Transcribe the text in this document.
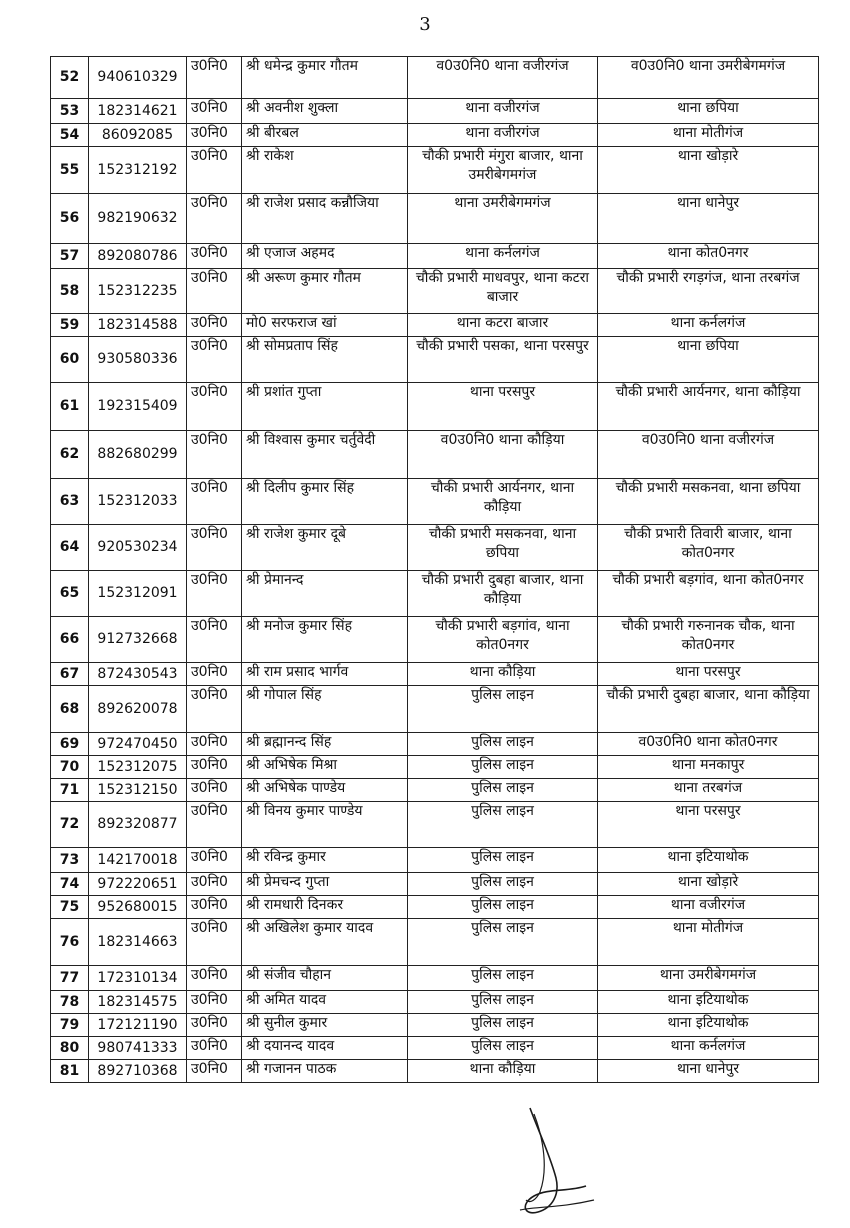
3
52	940610329	उ0नि0	श्री धमेन्द्र कुमार गौतम	व0उ0नि0 थाना वजीरगंज	व0उ0नि0 थाना उमरीबेगमगंज
53	182314621	उ0नि0	श्री अवनीश शुक्ला	थाना वजीरगंज	थाना छपिया
54	86092085	उ0नि0	श्री बीरबल	थाना वजीरगंज	थाना मोतीगंज
55	152312192	उ0नि0	श्री राकेश	चौकी प्रभारी मंगुरा बाजार, थाना उमरीबेगमगंज	थाना खोड़ारे
56	982190632	उ0नि0	श्री राजेश प्रसाद कन्नौजिया	थाना उमरीबेगमगंज	थाना धानेपुर
57	892080786	उ0नि0	श्री एजाज अहमद	थाना कर्नलगंज	थाना कोत0नगर
58	152312235	उ0नि0	श्री अरूण कुमार गौतम	चौकी प्रभारी माधवपुर, थाना कटरा बाजार	चौकी प्रभारी रगड़गंज, थाना तरबगंज
59	182314588	उ0नि0	मो0 सरफराज खां	थाना कटरा बाजार	थाना कर्नलगंज
60	930580336	उ0नि0	श्री सोमप्रताप सिंह	चौकी प्रभारी पसका, थाना परसपुर	थाना छपिया
61	192315409	उ0नि0	श्री प्रशांत गुप्ता	थाना परसपुर	चौकी प्रभारी आर्यनगर, थाना कौड़िया
62	882680299	उ0नि0	श्री विश्वास कुमार चर्तुवेदी	व0उ0नि0 थाना कौड़िया	व0उ0नि0 थाना वजीरगंज
63	152312033	उ0नि0	श्री दिलीप कुमार सिंह	चौकी प्रभारी आर्यनगर, थाना कौड़िया	चौकी प्रभारी मसकनवा, थाना छपिया
64	920530234	उ0नि0	श्री राजेश कुमार दूबे	चौकी प्रभारी मसकनवा, थाना छपिया	चौकी प्रभारी तिवारी बाजार, थाना कोत0नगर
65	152312091	उ0नि0	श्री प्रेमानन्द	चौकी प्रभारी दुबहा बाजार, थाना कौड़िया	चौकी प्रभारी बड़गांव, थाना कोत0नगर
66	912732668	उ0नि0	श्री मनोज कुमार सिंह	चौकी प्रभारी बड़गांव, थाना कोत0नगर	चौकी प्रभारी गरुनानक चौक, थाना कोत0नगर
67	872430543	उ0नि0	श्री राम प्रसाद भार्गव	थाना कौड़िया	थाना परसपुर
68	892620078	उ0नि0	श्री गोपाल सिंह	पुलिस लाइन	चौकी प्रभारी दुबहा बाजार, थाना कौड़िया
69	972470450	उ0नि0	श्री ब्रह्मानन्द सिंह	पुलिस लाइन	व0उ0नि0 थाना कोत0नगर
70	152312075	उ0नि0	श्री अभिषेक मिश्रा	पुलिस लाइन	थाना मनकापुर
71	152312150	उ0नि0	श्री अभिषेक पाण्डेय	पुलिस लाइन	थाना तरबगंज
72	892320877	उ0नि0	श्री विनय कुमार पाण्डेय	पुलिस लाइन	थाना परसपुर
73	142170018	उ0नि0	श्री रविन्द्र कुमार	पुलिस लाइन	थाना इटियाथोक
74	972220651	उ0नि0	श्री प्रेमचन्द गुप्ता	पुलिस लाइन	थाना खोड़ारे
75	952680015	उ0नि0	श्री रामधारी दिनकर	पुलिस लाइन	थाना वजीरगंज
76	182314663	उ0नि0	श्री अखिलेश कुमार यादव	पुलिस लाइन	थाना मोतीगंज
77	172310134	उ0नि0	श्री संजीव चौहान	पुलिस लाइन	थाना उमरीबेगमगंज
78	182314575	उ0नि0	श्री अमित यादव	पुलिस लाइन	थाना इटियाथोक
79	172121190	उ0नि0	श्री सुनील कुमार	पुलिस लाइन	थाना इटियाथोक
80	980741333	उ0नि0	श्री दयानन्द यादव	पुलिस लाइन	थाना कर्नलगंज
81	892710368	उ0नि0	श्री गजानन पाठक	थाना कौड़िया	थाना धानेपुर
